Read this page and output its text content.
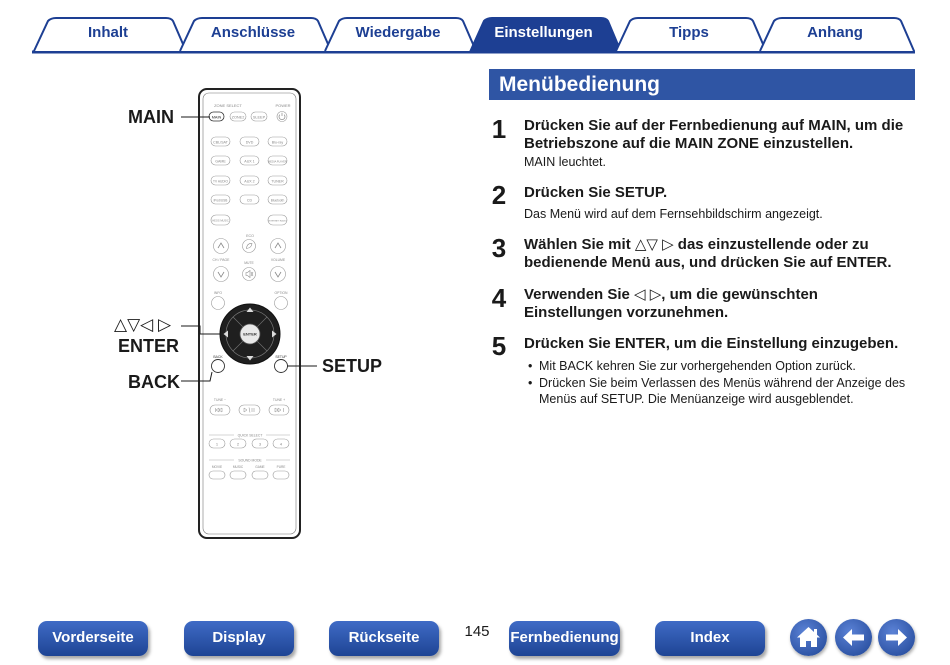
Inhalt	Anschlüsse	Wiedergabe	Einstellungen	Tipps	Anhang
Menübedienung
1 Drücken Sie auf der Fernbedienung auf MAIN, um die Betriebszone auf die MAIN ZONE einzustellen.
MAIN leuchtet.
2 Drücken Sie SETUP.
Das Menü wird auf dem Fernsehbildschirm angezeigt.
3 Wählen Sie mit △▽ ▷ das einzustellende oder zu bedienende Menü aus, und drücken Sie auf ENTER.
4 Verwenden Sie ◁ ▷, um die gewünschten Einstellungen vorzunehmen.
5 Drücken Sie ENTER, um die Einstellung einzugeben.
• Mit BACK kehren Sie zur vorhergehenden Option zurück.
• Drücken Sie beim Verlassen des Menüs während der Anzeige des Menüs auf SETUP. Die Menüanzeige wird ausgeblendet.
ZONE SELECT	POWER
MAIN	ZONE2 SLEEP
CBL/SAT	DVD	Blu-ray
GAME	AUX 1	MEDIA PLAYER
TV AUDIO	AUX 2	TUNER
iPod/USB	CD	Bluetooth
HEOS MUSIC	INTERNET RADIO
ECO
CH / PAGE
MUTE
VOLUME
INFO	OPTION
ENTER
BACK	SETUP
TUNE −	TUNE +
QUICK SELECT
1	2	3	4
SOUND MODE
MOVIE	MUSIC	GAME	PURE
MAIN
△▽◁ ▷
ENTER
BACK
SETUP
Vorderseite	Display	Rückseite	145 Fernbedienung	Index
